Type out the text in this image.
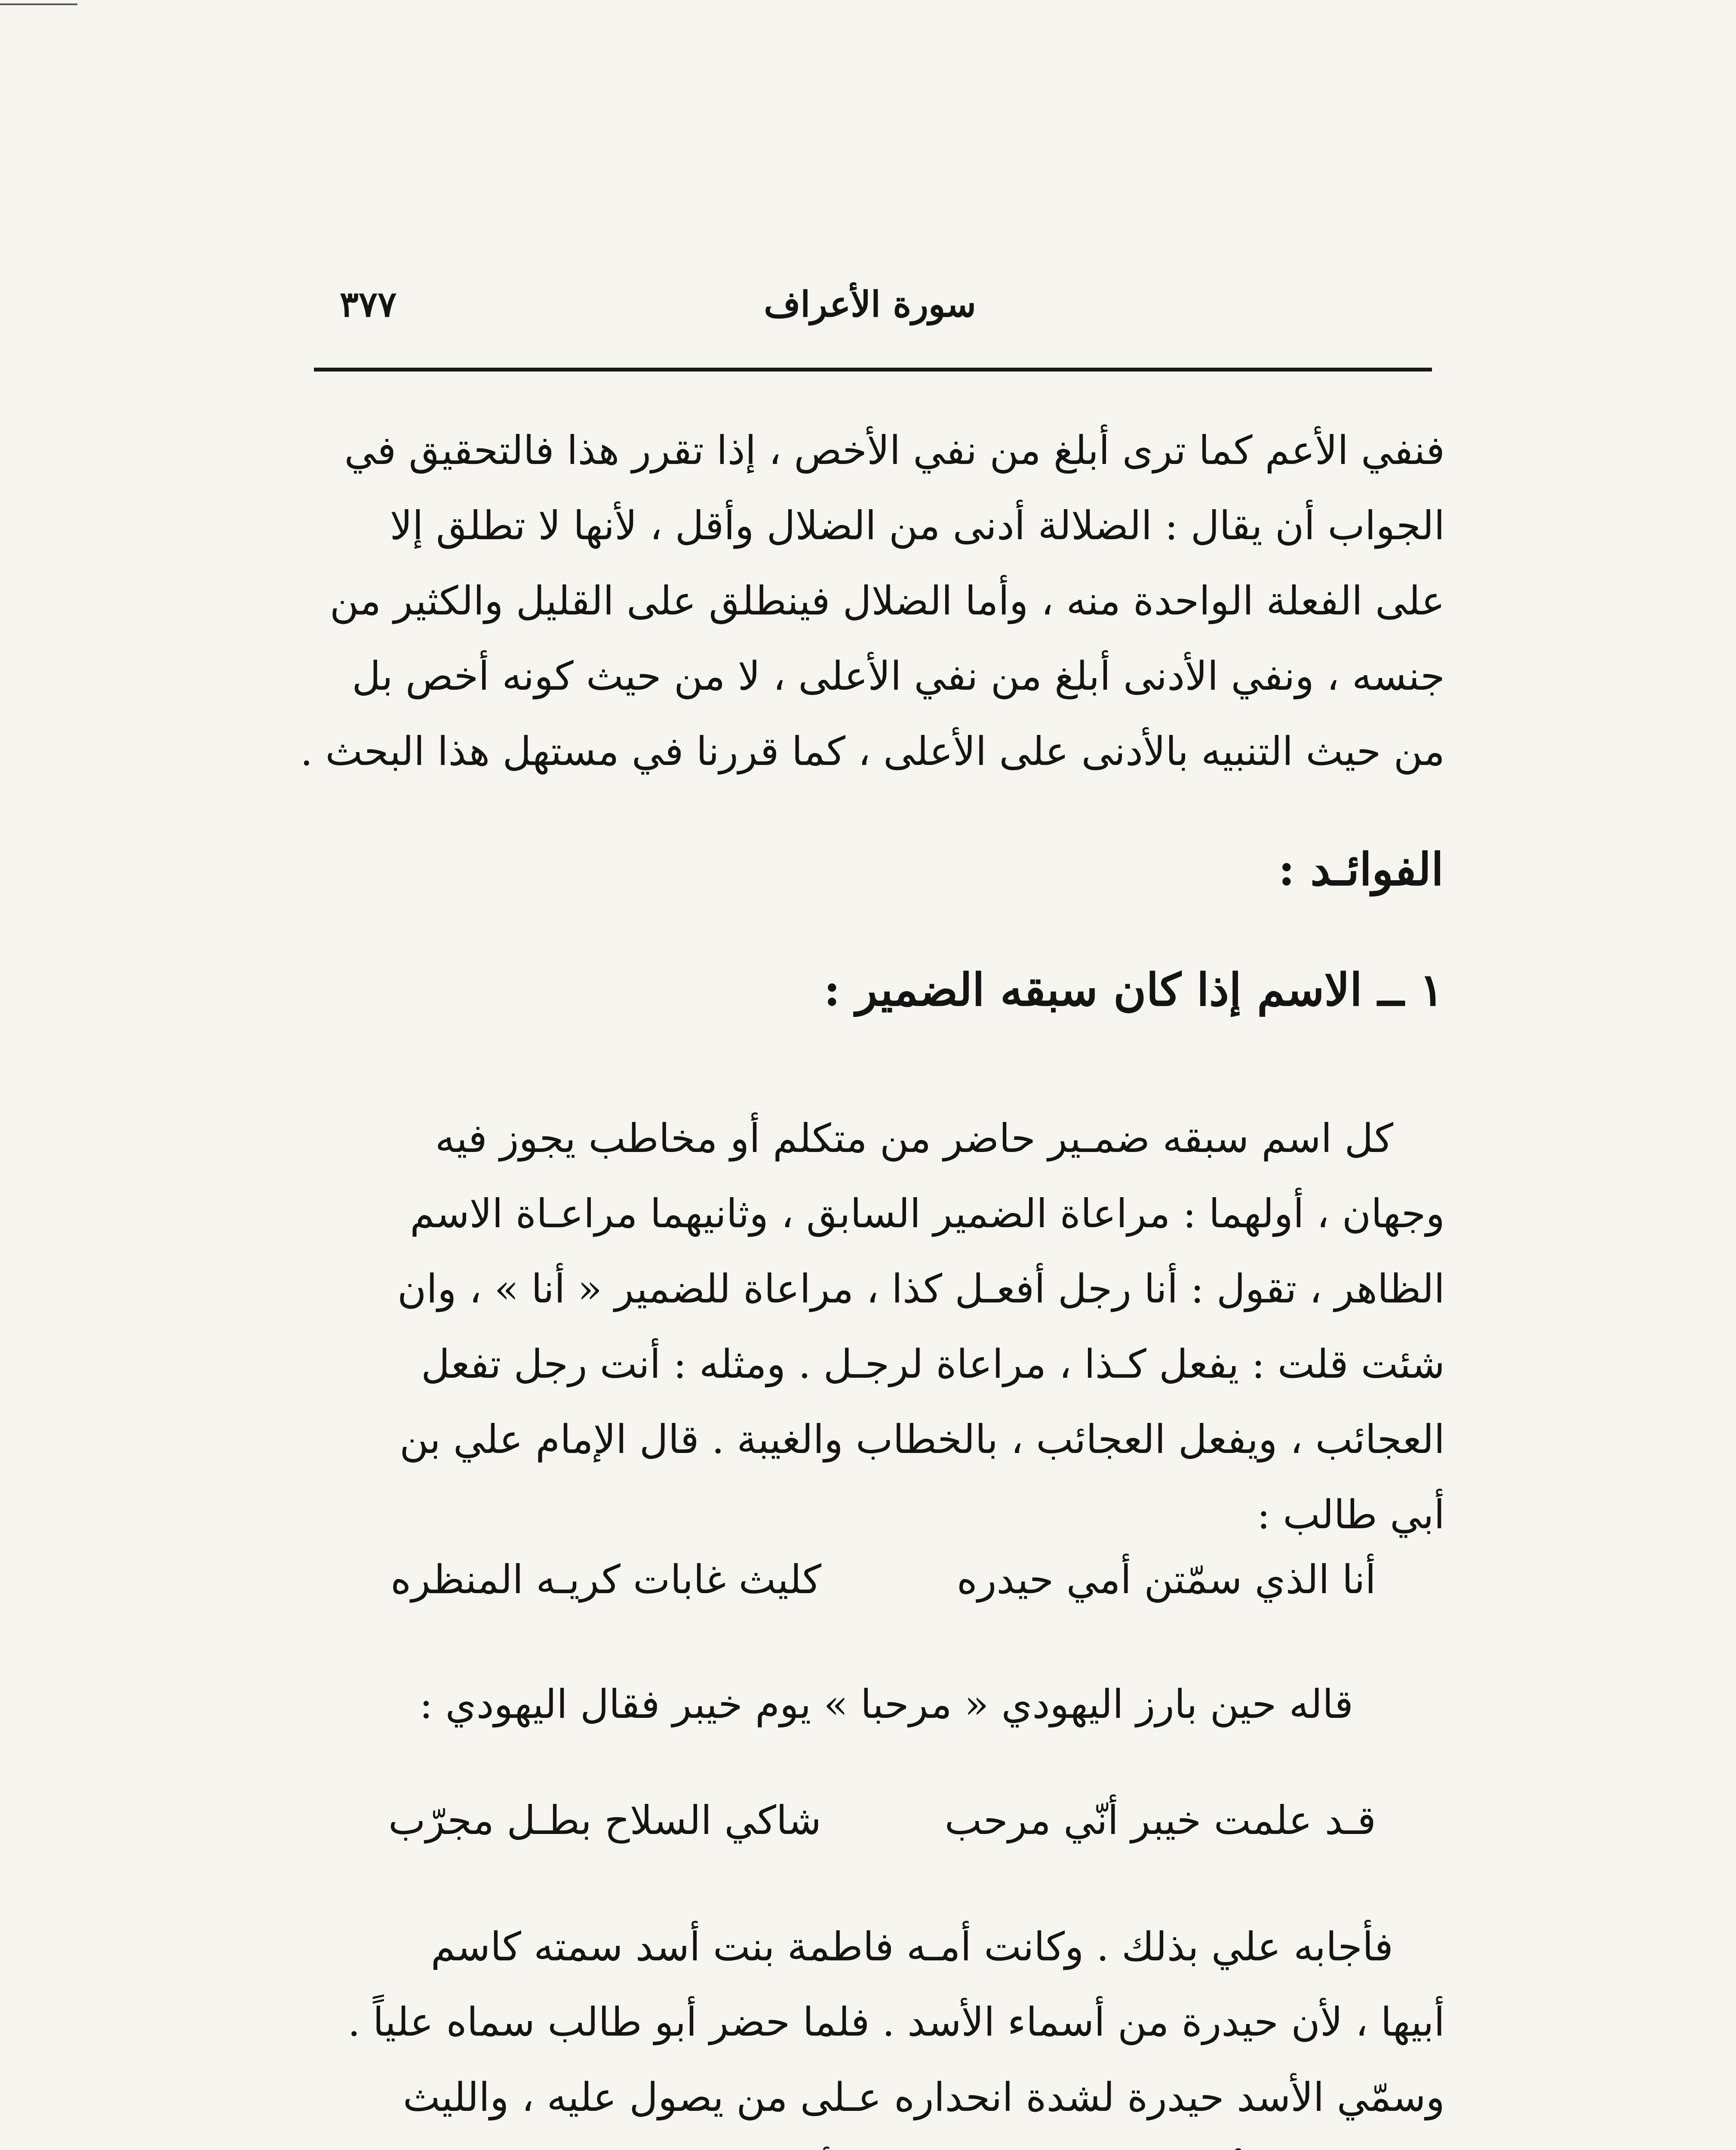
سورة الأعراف
٣٧٧
فنفي الأعم كما ترى أبلغ من نفي الأخص ، إذا تقرر هذا فالتحقيق في
الجواب أن يقال : الضلالة أدنى من الضلال وأقل ، لأنها لا تطلق إلا
على الفعلة الواحدة منه ، وأما الضلال فينطلق على القليل والكثير من
جنسه ، ونفي الأدنى أبلغ من نفي الأعلى ، لا من حيث كونه أخص بل
من حيث التنبيه بالأدنى على الأعلى ، كما قررنا في مستهل هذا البحث .
الفوائـد :
١ ــ الاسم إذا كان سبقه الضمير :
كل اسم سبقه ضمـير حاضر من متكلم أو مخاطب يجوز فيه
وجهان ، أولهما : مراعاة الضمير السابق ، وثانيهما مراعـاة الاسم
الظاهر ، تقول : أنا رجل أفعـل كذا ، مراعاة للضمير « أنا » ، وان
شئت قلت : يفعل كـذا ، مراعاة لرجـل . ومثله : أنت رجل تفعل
العجائب ، ويفعل العجائب ، بالخطاب والغيبة . قال الإمام علي بن
أبي طالب :
أنا الذي سمّتن أمي حيدره
كليث غابات كريـه المنظره
قاله حين بارز اليهودي « مرحبا » يوم خيبر فقال اليهودي :
قـد علمت خيبر أنّي مرحب
شاكي السلاح بطـل مجرّب
فأجابه علي بذلك . وكانت أمـه فاطمة بنت أسد سمته كاسم
أبيها ، لأن حيدرة من أسماء الأسد . فلما حضر أبو طالب سماه علياً .
وسمّي الأسد حيدرة لشدة انحداره عـلى من يصول عليه ، والليث
